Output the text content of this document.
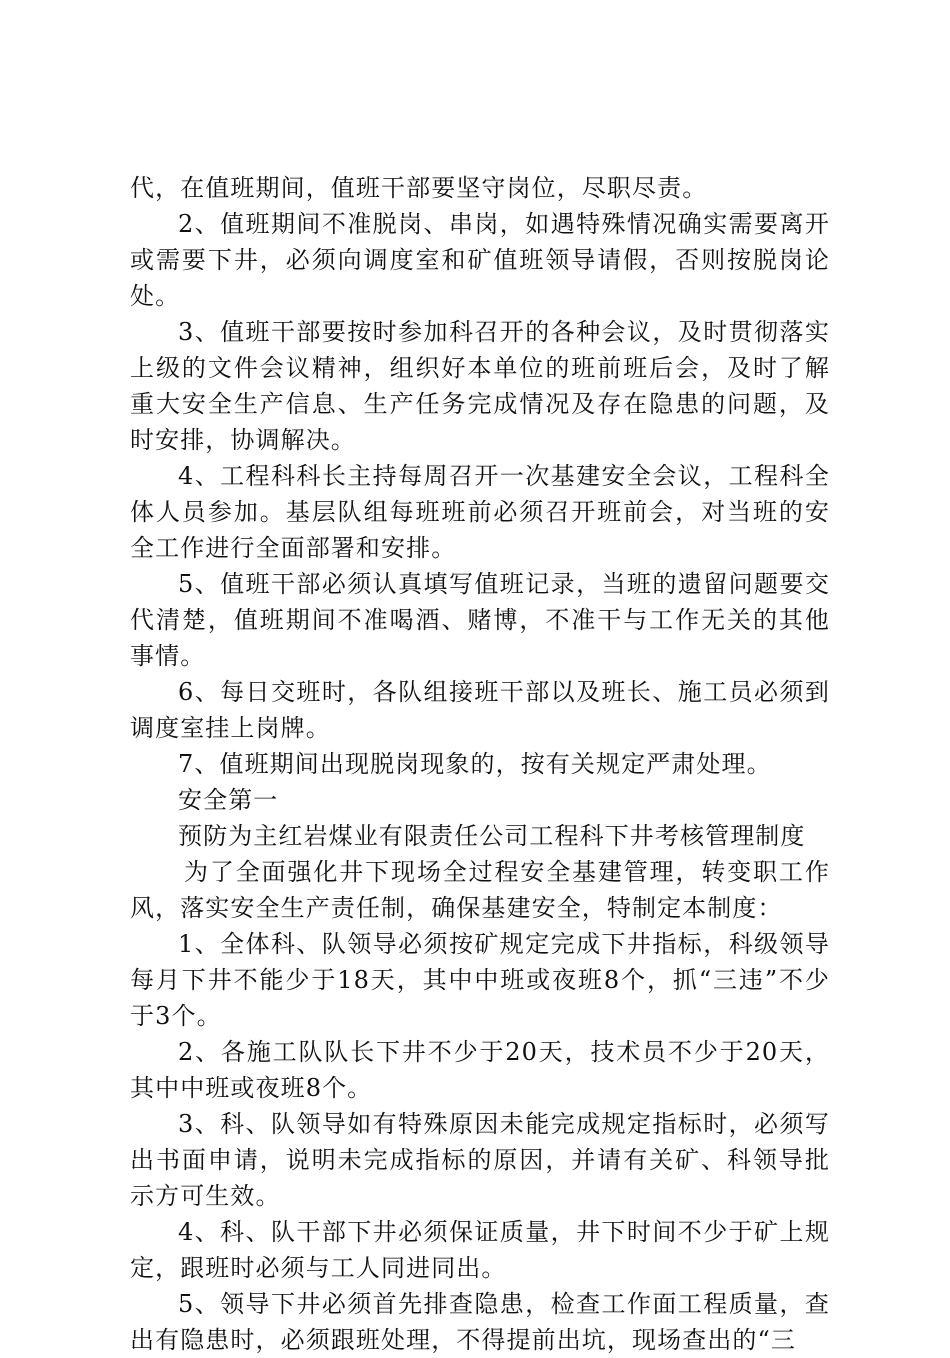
代，在值班期间，值班干部要坚守岗位，尽职尽责。

2、值班期间不准脱岗、串岗，如遇特殊情况确实需要离开或需要下井，必须向调度室和矿值班领导请假，否则按脱岗论处。

3、值班干部要按时参加科召开的各种会议，及时贯彻落实上级的文件会议精神，组织好本单位的班前班后会，及时了解重大安全生产信息、生产任务完成情况及存在隐患的问题，及时安排，协调解决。

4、工程科科长主持每周召开一次基建安全会议，工程科全体人员参加。基层队组每班班前必须召开班前会，对当班的安全工作进行全面部署和安排。

5、值班干部必须认真填写值班记录，当班的遗留问题要交代清楚，值班期间不准喝酒、赌博，不准干与工作无关的其他事情。

6、每日交班时，各队组接班干部以及班长、施工员必须到调度室挂上岗牌。

7、值班期间出现脱岗现象的，按有关规定严肃处理。

安全第一

预防为主红岩煤业有限责任公司工程科下井考核管理制度

为了全面强化井下现场全过程安全基建管理，转变职工作风，落实安全生产责任制，确保基建安全，特制定本制度：

1、全体科、队领导必须按矿规定完成下井指标，科级领导每月下井不能少于18天，其中中班或夜班8个，抓“三违”不少于3个。

2、各施工队队长下井不少于20天，技术员不少于20天，其中中班或夜班8个。

3、科、队领导如有特殊原因未能完成规定指标时，必须写出书面申请，说明未完成指标的原因，并请有关矿、科领导批示方可生效。

4、科、队干部下井必须保证质量，井下时间不少于矿上规定，跟班时必须与工人同进同出。

5、领导下井必须首先排查隐患，检查工作面工程质量，查出有隐患时，必须跟班处理，不得提前出坑，现场查出的“三
